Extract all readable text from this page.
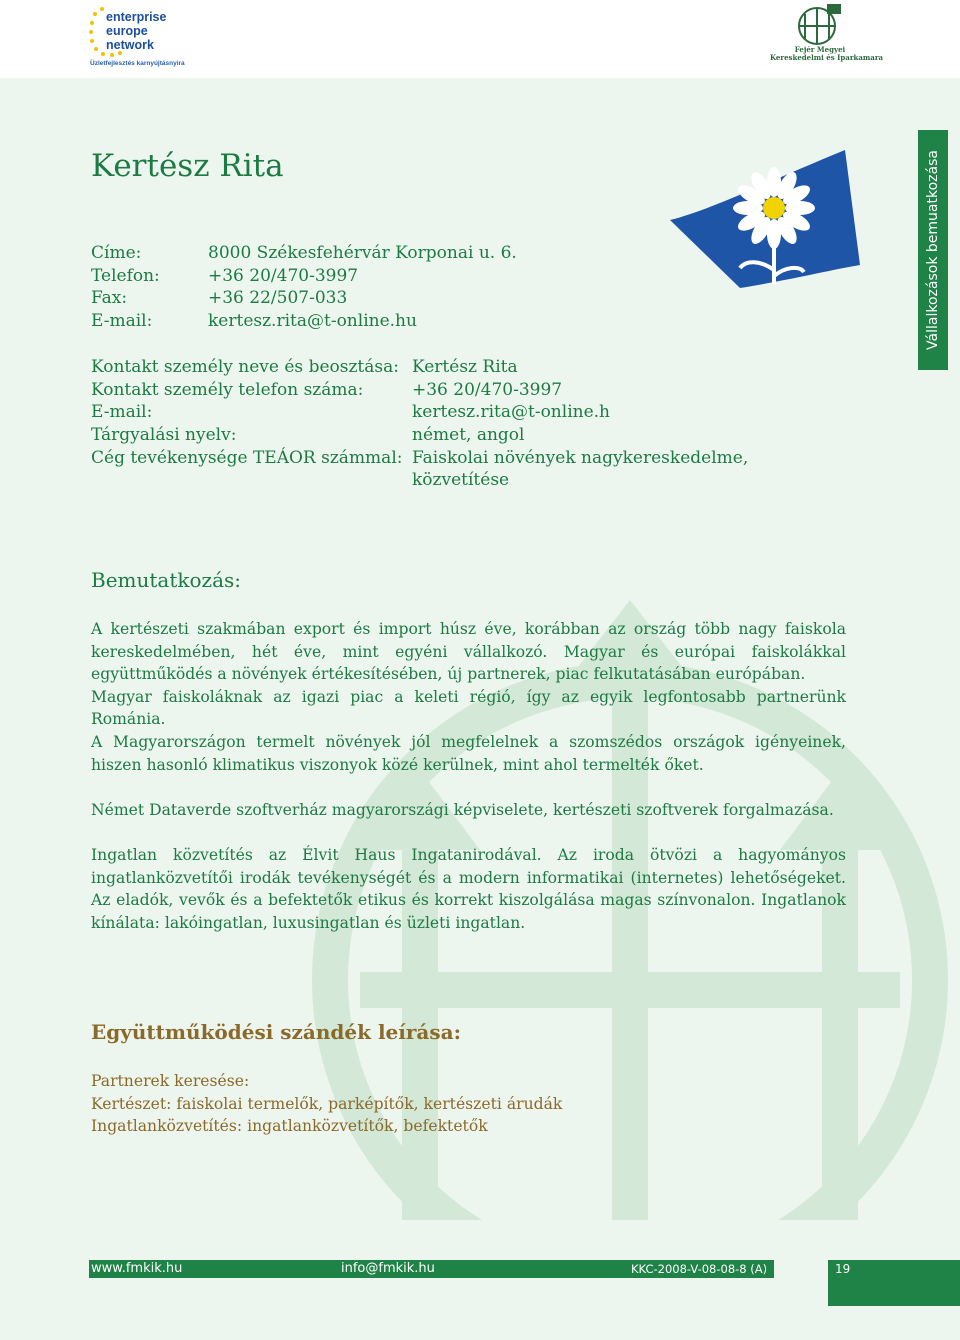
enterprise
europe
network
Üzletfejlesztés karnyújtásnyira
Fejér Megyei
Kereskedelmi és Iparkamara
Vállalkozások bemuatkozása
Kertész Rita
Címe:	8000 Székesfehérvár Korponai u. 6.
Telefon:	+36 20/470-3997
Fax:	+36 22/507-033
E-mail:	kertesz.rita@t-online.hu
Kontakt személy neve és beosztása: Kertész Rita
Kontakt személy telefon száma:	+36 20/470-3997
E-mail:	kertesz.rita@t-online.h
Tárgyalási nyelv:	német, angol
Cég tevékenysége TEÁOR számmal: Faiskolai növények nagykereskedelme,
közvetítése
Bemutatkozás:

A kertészeti szakmában export és import húsz éve, korábban az ország több nagy faiskola kereskedelmében, hét éve, mint egyéni vállalkozó. Magyar és európai faiskolákkal együttműködés a növények értékesítésében, új partnerek, piac felkutatásában európában.

Magyar faiskoláknak az igazi piac a keleti régió, így az egyik legfontosabb partnerünk Románia.

A Magyarországon termelt növények jól megfelelnek a szomszédos országok igényeinek, hiszen hasonló klimatikus viszonyok közé kerülnek, mint ahol termelték őket.

Német Dataverde szoftverház magyarországi képviselete, kertészeti szoftverek forgalmazása.

Ingatlan közvetítés az Élvit Haus Ingatanirodával. Az iroda ötvözi a hagyományos ingatlanközvetítői irodák tevékenységét és a modern informatikai (internetes) lehetőségeket. Az eladók, vevők és a befektetők etikus és korrekt kiszolgálása magas színvonalon. Ingatlanok kínálata: lakóingatlan, luxusingatlan és üzleti ingatlan.

Együttműködési szándék leírása:
Partnerek keresése:
Kertészet: faiskolai termelők, parképítők, kertészeti árudák
Ingatlanközvetítés: ingatlanközvetítők, befektetők
www.fmkik.hu	info@fmkik.hu	KKC-2008-V-08-08-8 (A)	19
